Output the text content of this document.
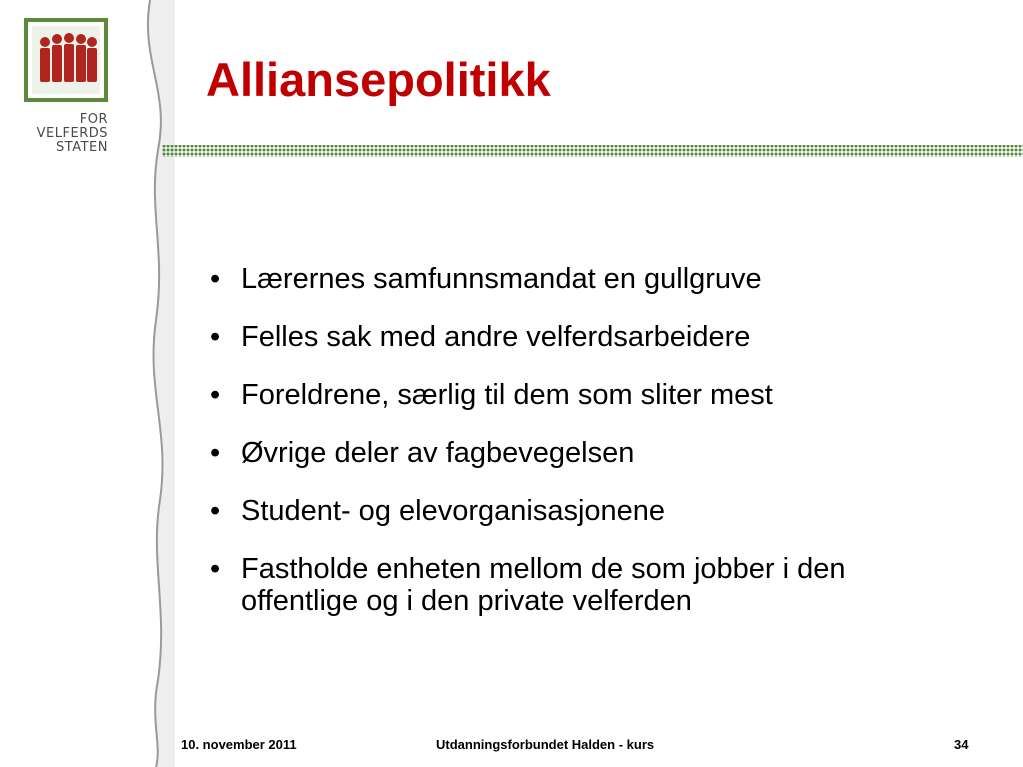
FOR
VELFERDS
STATEN
Alliansepolitikk
• Lærernes samfunnsmandat en gullgruve
• Felles sak med andre velferdsarbeidere
• Foreldrene, særlig til dem som sliter mest
• Øvrige deler av fagbevegelsen
• Student- og elevorganisasjonene
• Fastholde enheten mellom de som jobber i den offentlige og i den private velferden
10. november 2011	Utdanningsforbundet Halden - kurs	34
